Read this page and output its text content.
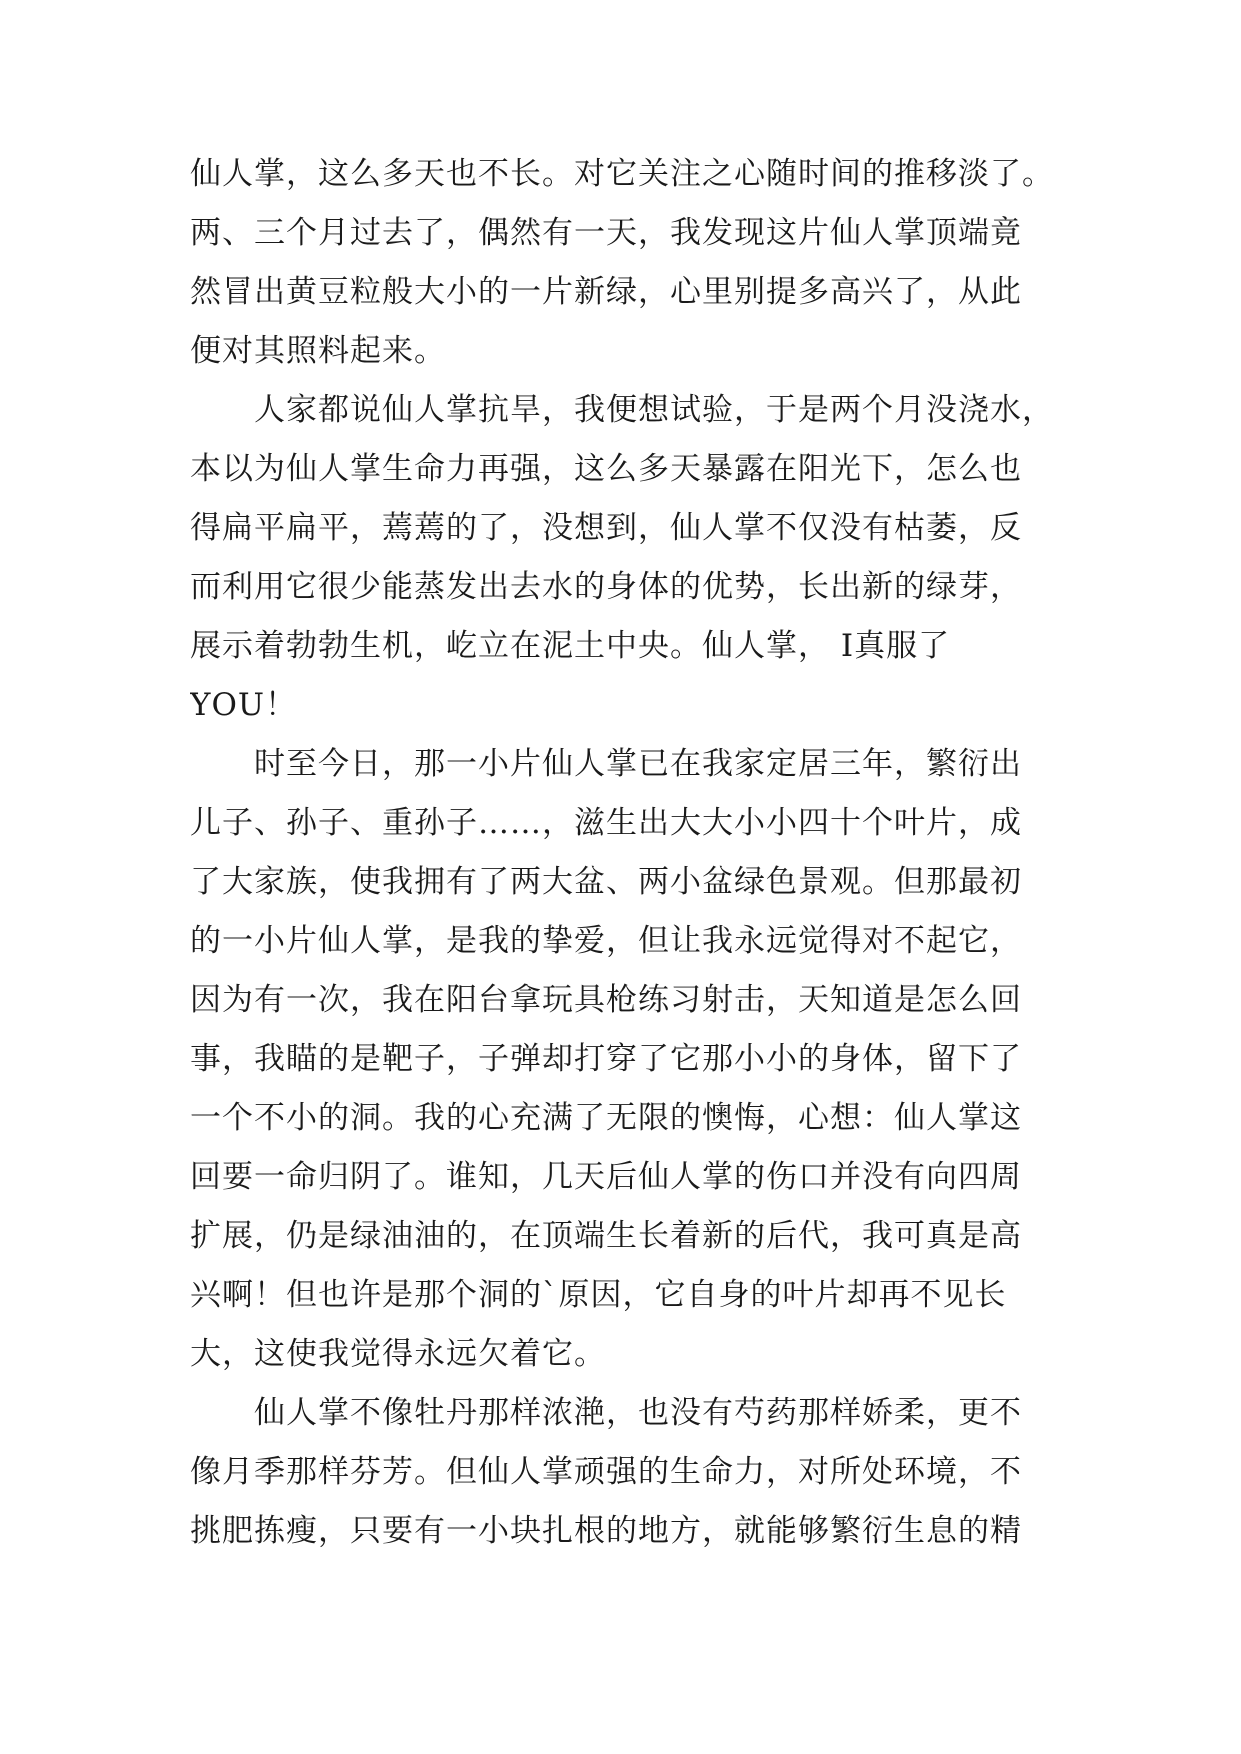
仙人掌，这么多天也不长。对它关注之心随时间的推移淡了。
两、三个月过去了，偶然有一天，我发现这片仙人掌顶端竟
然冒出黄豆粒般大小的一片新绿，心里别提多高兴了，从此
便对其照料起来。
人家都说仙人掌抗旱，我便想试验，于是两个月没浇水，
本以为仙人掌生命力再强，这么多天暴露在阳光下，怎么也
得扁平扁平，蔫蔫的了，没想到，仙人掌不仅没有枯萎，反
而利用它很少能蒸发出去水的身体的优势，长出新的绿芽，
展示着勃勃生机，屹立在泥土中央。仙人掌， I真服了
YOU！
时至今日，那一小片仙人掌已在我家定居三年，繁衍出
儿子、孙子、重孙子……，滋生出大大小小四十个叶片，成
了大家族，使我拥有了两大盆、两小盆绿色景观。但那最初
的一小片仙人掌，是我的挚爱，但让我永远觉得对不起它，
因为有一次，我在阳台拿玩具枪练习射击，天知道是怎么回
事，我瞄的是靶子，子弹却打穿了它那小小的身体，留下了
一个不小的洞。我的心充满了无限的懊悔，心想：仙人掌这
回要一命归阴了。谁知，几天后仙人掌的伤口并没有向四周
扩展，仍是绿油油的，在顶端生长着新的后代，我可真是高
兴啊！但也许是那个洞的`原因，它自身的叶片却再不见长
大，这使我觉得永远欠着它。
仙人掌不像牡丹那样浓滟，也没有芍药那样娇柔，更不
像月季那样芬芳。但仙人掌顽强的生命力，对所处环境，不
挑肥拣瘦，只要有一小块扎根的地方，就能够繁衍生息的精
